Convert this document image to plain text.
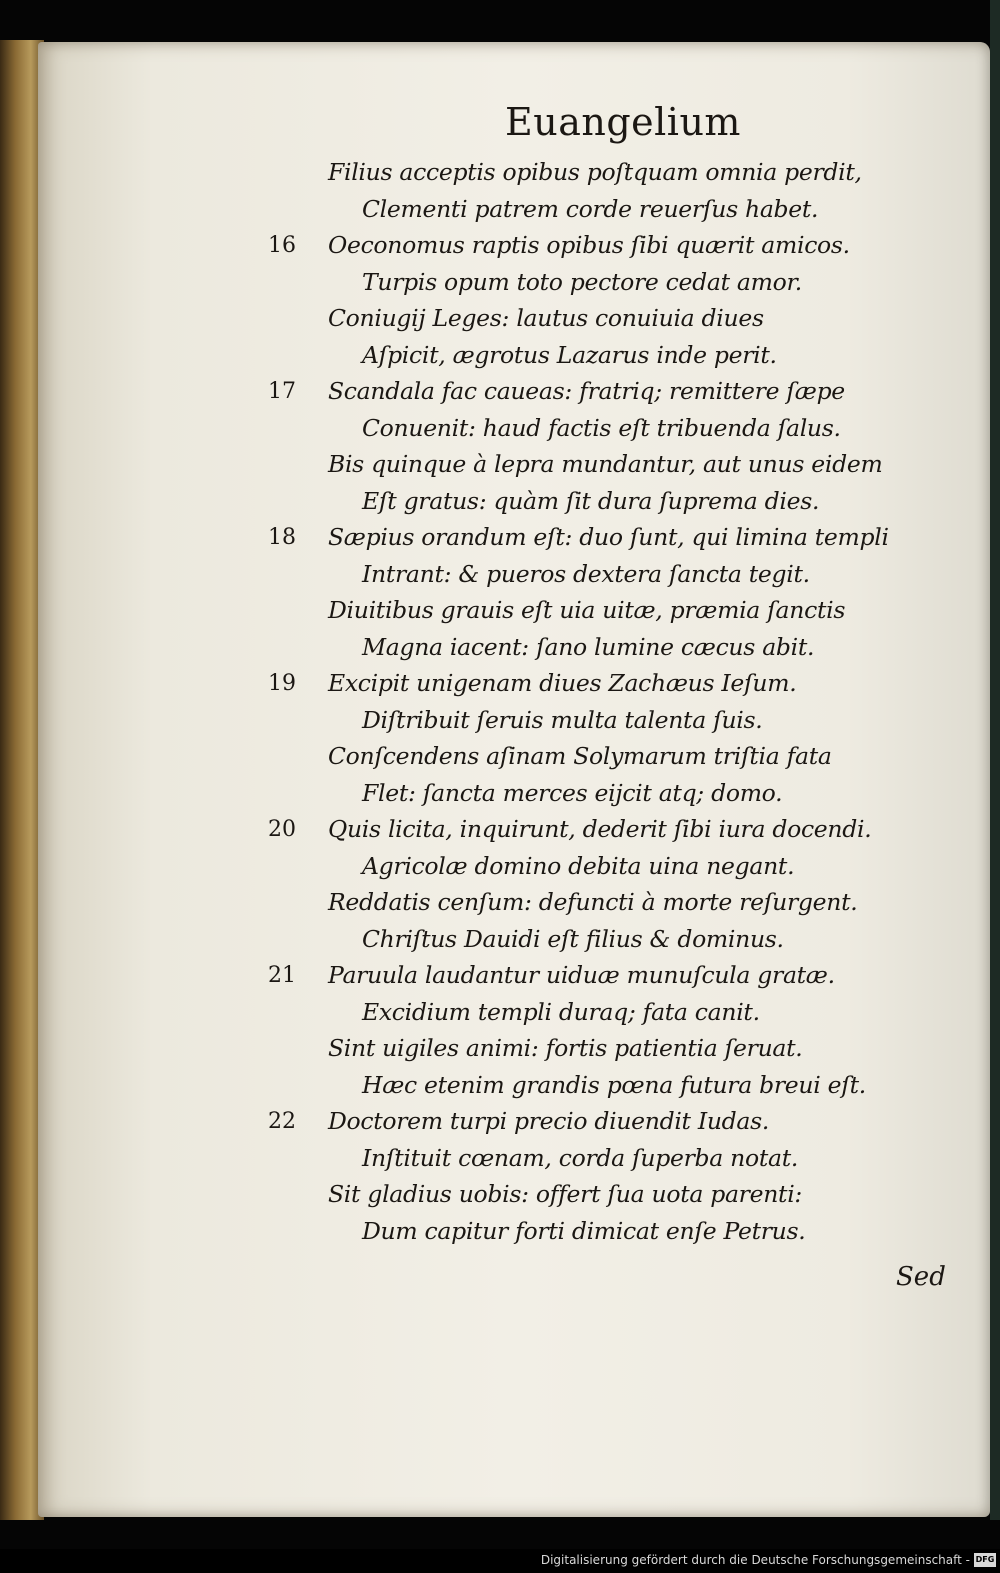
Euangelium
Filius acceptis opibus poſtquam omnia perdit,
Clementi patrem corde reuerſus habet.
16 Oeconomus raptis opibus ſibi quærit amicos.
Turpis opum toto pectore cedat amor.
Coniugij Leges: lautus conuiuia diues
Aſpicit, ægrotus Lazarus inde perit.
17 Scandala fac caueas: fratriq; remittere ſæpe
Conuenit: haud factis eſt tribuenda ſalus.
Bis quinque à lepra mundantur, aut unus eidem
Eſt gratus: quàm ſit dura ſuprema dies.
18 Sæpius orandum eſt: duo ſunt, qui limina templi
Intrant: & pueros dextera ſancta tegit.
Diuitibus grauis eſt uia uitæ, præmia ſanctis
Magna iacent: ſano lumine cæcus abit.
19 Excipit unigenam diues Zachæus Ieſum.
Diſtribuit ſeruis multa talenta ſuis.
Conſcendens aſinam Solymarum triſtia fata
Flet: ſancta merces eijcit atq; domo.
20 Quis licita, inquirunt, dederit ſibi iura docendi.
Agricolæ domino debita uina negant.
Reddatis cenſum: defuncti à morte reſurgent.
Chriſtus Dauidi eſt filius & dominus.
21 Paruula laudantur uiduæ munuſcula gratæ.
Excidium templi duraq; fata canit.
Sint uigiles animi: fortis patientia ſeruat.
Hæc etenim grandis pœna futura breui eſt.
22 Doctorem turpi precio diuendit Iudas.
Inſtituit cœnam, corda ſuperba notat.
Sit gladius uobis: offert ſua uota parenti:
Dum capitur forti dimicat enſe Petrus.
Sed
Digitalisierung gefördert durch die Deutsche Forschungsgemeinschaft - DFG
